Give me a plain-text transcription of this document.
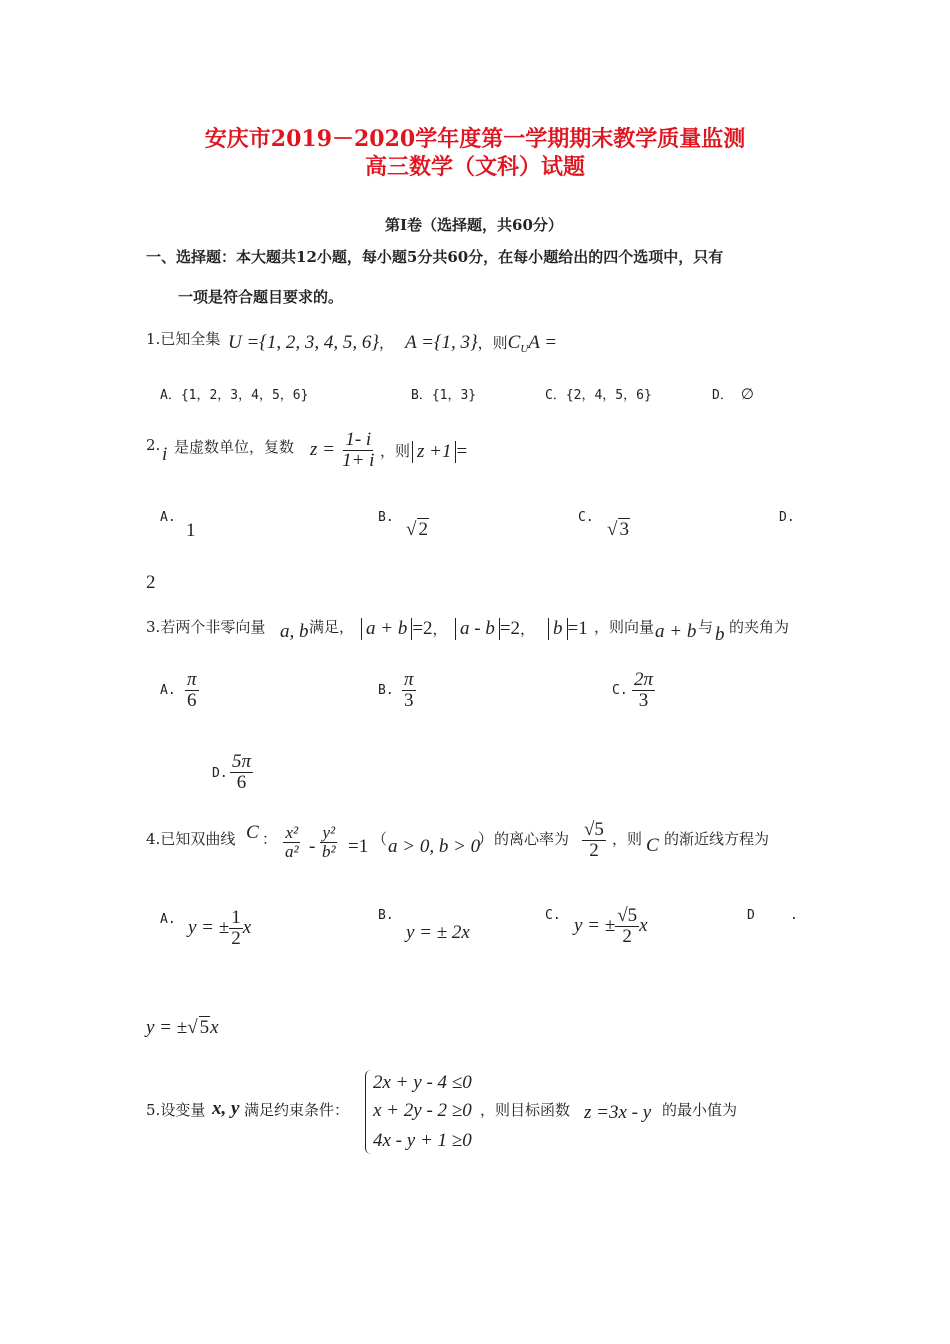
安庆市2019－2020学年度第一学期期末教学质量监测
高三数学（文科）试题
第Ⅰ卷（选择题，共60分）
一、选择题：本大题共12小题，每小题5分共60分，在每小题给出的四个选项中，只有
一项是符合题目要求的。
1.已知全集 U ={1, 2, 3, 4, 5, 6}， A ={1, 3}，则$C_UA$ =
A．{1，2，3，4，5，6}	B．{1，3}	C．{2，4，5，6}	D． ∅
2. i 是虚数单位，复数 $z = \frac{1- i}{1+ i}$ ，则 z +1 =
A.
1
B.
√ 2
C.
√ 3
D.
2
3.若两个非零向量 a, b 满足， a + b =2， a - b =2， b =1 ，则向量 a + b 与 b 的夹角为
A. $\frac{\pi}{6}$	B. $\frac{\pi}{3}$	C. $\frac{2\pi}{3}$
D. $\frac{5\pi}{6}$
4.已知双曲线 C ： $\frac{\text{x²}}{\text{a²}} - \frac{\text{y²}}{\text{b²}} =1$ （ a > 0, b > 0
） 的离心率为 $\frac{√5}{2}$ ，则 C 的渐近线方程为
A. y = ± $\frac{1}{2}$ x
B.
y = ± 2x
C. y = ± $\frac{√5}{2}$ x	D	.
y = ±√ 5x
5.设变量 x, y 满足约束条件：
2x + y - 4 ≤0
x + 2y - 2 ≥0 ，则目标函数
4x - y + 1 ≥0
z =3x - y 的最小值为
